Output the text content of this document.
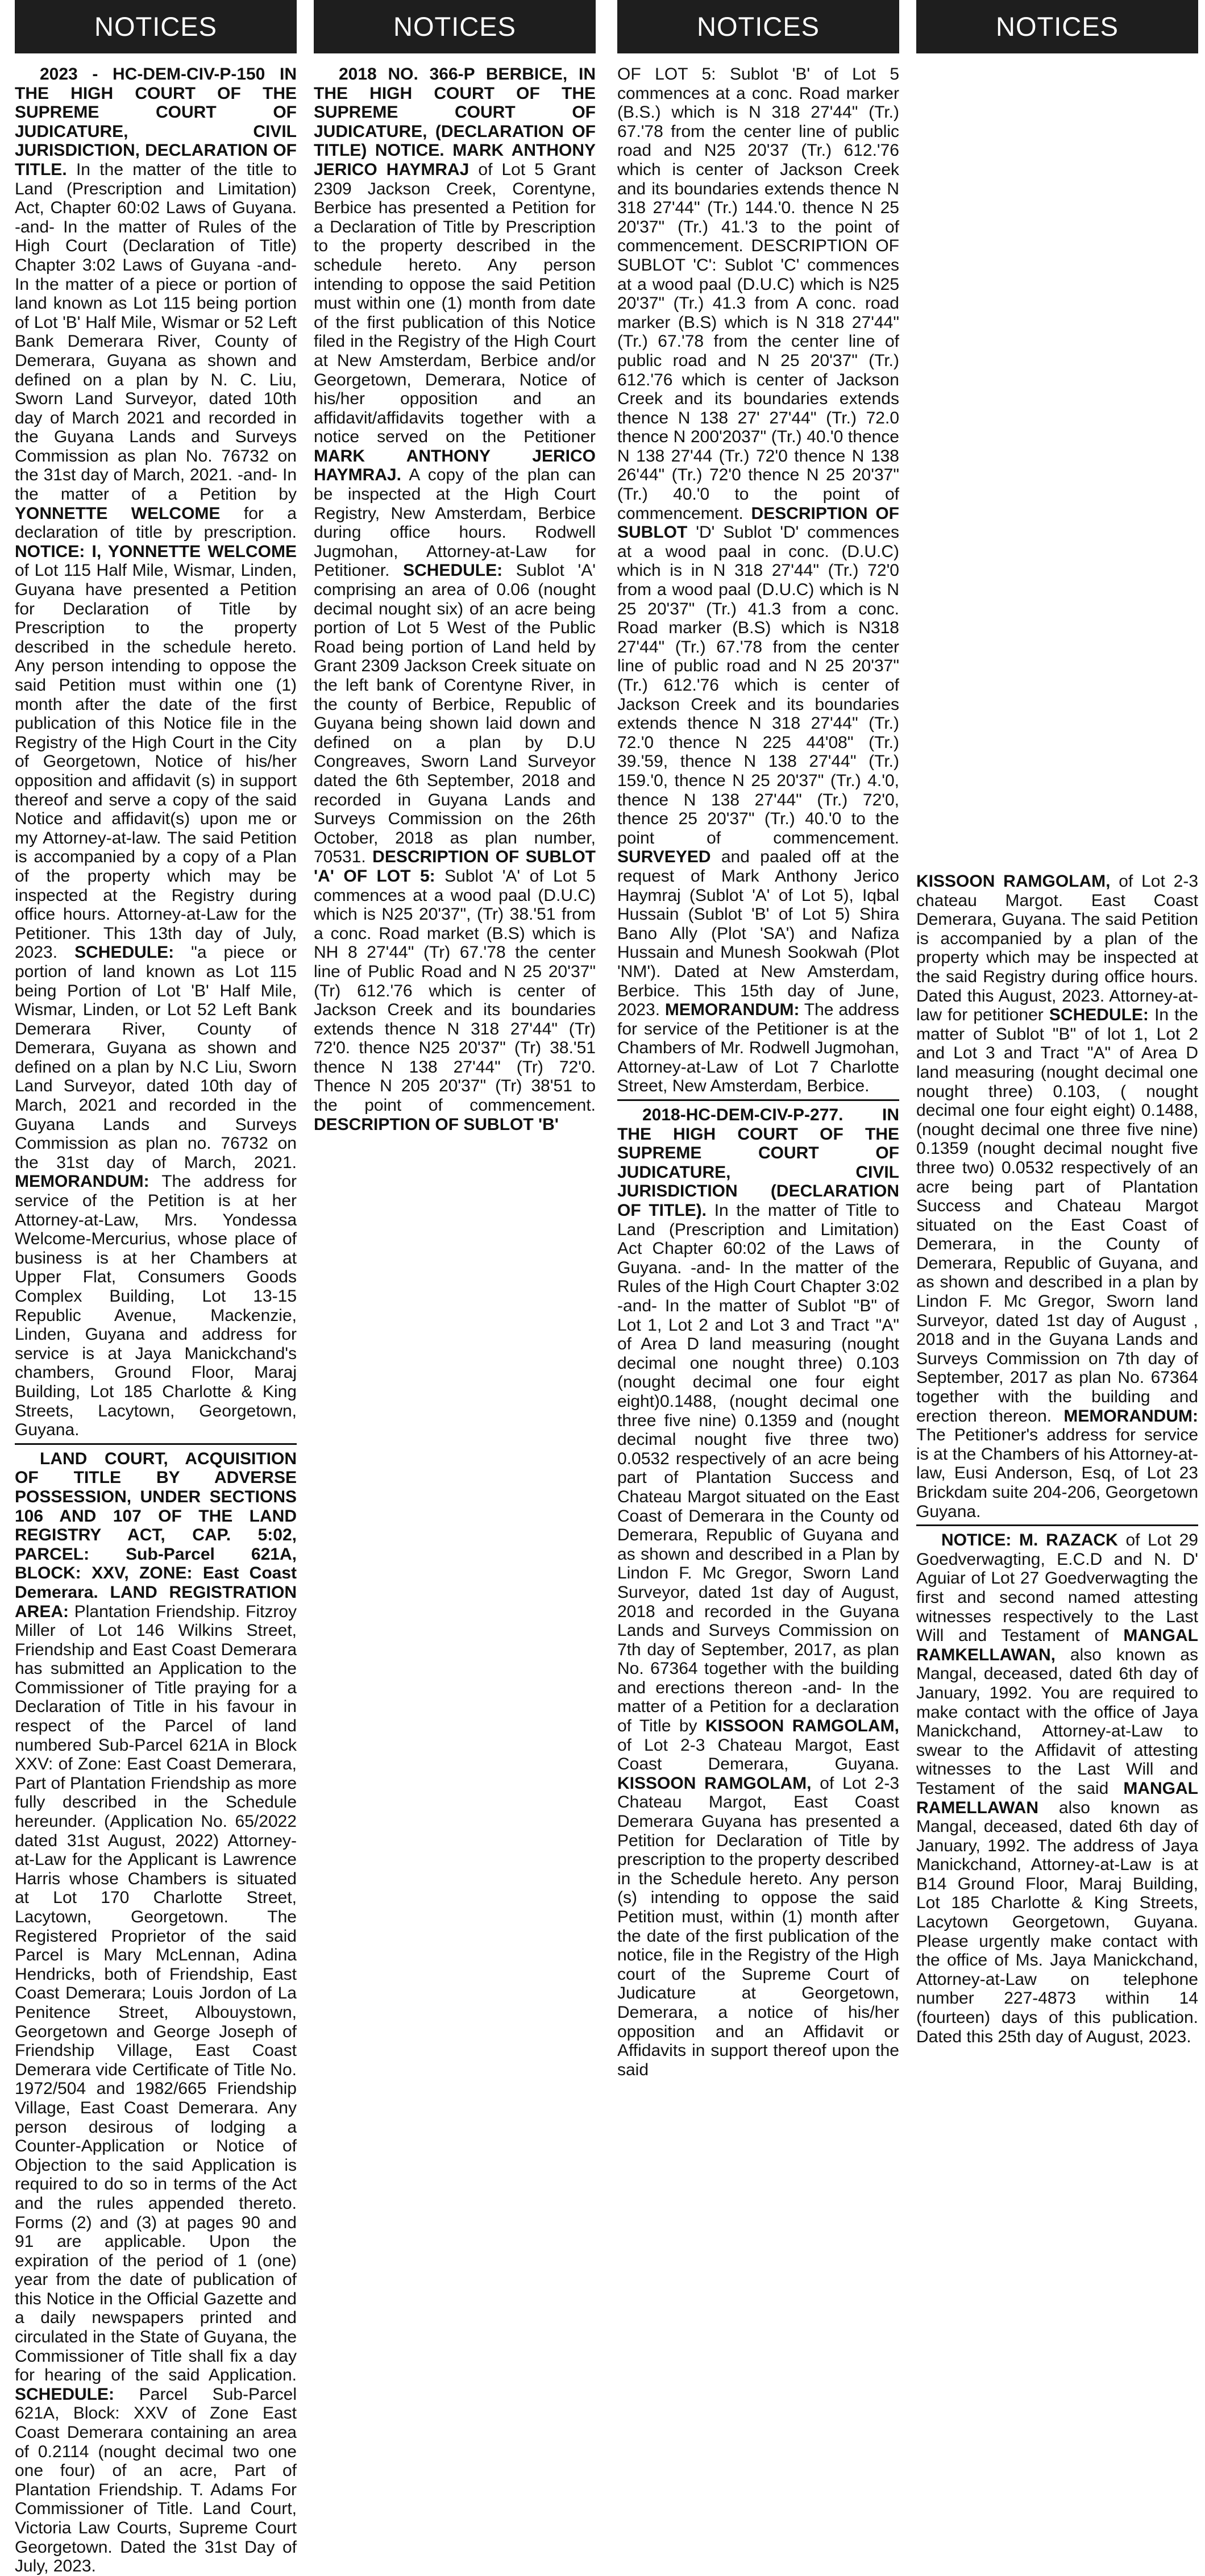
NOTICES

2023 - HC-DEM-CIV-P-150 IN THE HIGH COURT OF THE SUPREME COURT OF JUDICATURE, CIVIL JURISDICTION, DECLARATION OF TITLE. In the matter of the title to Land (Prescription and Limitation) Act, Chapter 60:02 Laws of Guyana. -and- In the matter of Rules of the High Court (Declaration of Title) Chapter 3:02 Laws of Guyana -and- In the matter of a piece or portion of land known as Lot 115 being portion of Lot 'B' Half Mile, Wismar or 52 Left Bank Demerara River, County of Demerara, Guyana as shown and defined on a plan by N. C. Liu, Sworn Land Surveyor, dated 10th day of March 2021 and recorded in the Guyana Lands and Surveys Commission as plan No. 76732 on the 31st day of March, 2021. -and- In the matter of a Petition by YONNETTE WELCOME for a declaration of title by prescription. NOTICE: I, YONNETTE WELCOME of Lot 115 Half Mile, Wismar, Linden, Guyana have presented a Petition for Declaration of Title by Prescription to the property described in the schedule hereto. Any person intending to oppose the said Petition must within one (1) month after the date of the first publication of this Notice file in the Registry of the High Court in the City of Georgetown, Notice of his/her opposition and affidavit (s) in support thereof and serve a copy of the said Notice and affidavit(s) upon me or my Attorney-at-law. The said Petition is accompanied by a copy of a Plan of the property which may be inspected at the Registry during office hours. Attorney-at-Law for the Petitioner. This 13th day of July, 2023. SCHEDULE: "a piece or portion of land known as Lot 115 being Portion of Lot 'B' Half Mile, Wismar, Linden, or Lot 52 Left Bank Demerara River, County of Demerara, Guyana as shown and defined on a plan by N.C Liu, Sworn Land Surveyor, dated 10th day of March, 2021 and recorded in the Guyana Lands and Surveys Commission as plan no. 76732 on the 31st day of March, 2021. MEMORANDUM: The address for service of the Petition is at her Attorney-at-Law, Mrs. Yondessa Welcome-Mercurius, whose place of business is at her Chambers at Upper Flat, Consumers Goods Complex Building, Lot 13-15 Republic Avenue, Mackenzie, Linden, Guyana and address for service is at Jaya Manickchand's chambers, Ground Floor, Maraj Building, Lot 185 Charlotte & King Streets, Lacytown, Georgetown, Guyana.

LAND COURT, ACQUISITION OF TITLE BY ADVERSE POSSESSION, UNDER SECTIONS 106 AND 107 OF THE LAND REGISTRY ACT, CAP. 5:02, PARCEL: Sub-Parcel 621A, BLOCK: XXV, ZONE: East Coast Demerara. LAND REGISTRATION AREA: Plantation Friendship. Fitzroy Miller of Lot 146 Wilkins Street, Friendship and East Coast Demerara has submitted an Application to the Commissioner of Title praying for a Declaration of Title in his favour in respect of the Parcel of land numbered Sub-Parcel 621A in Block XXV: of Zone: East Coast Demerara, Part of Plantation Friendship as more fully described in the Schedule hereunder. (Application No. 65/2022 dated 31st August, 2022) Attorney-at-Law for the Applicant is Lawrence Harris whose Chambers is situated at Lot 170 Charlotte Street, Lacytown, Georgetown. The Registered Proprietor of the said Parcel is Mary McLennan, Adina Hendricks, both of Friendship, East Coast Demerara; Louis Jordon of La Penitence Street, Albouystown, Georgetown and George Joseph of Friendship Village, East Coast Demerara vide Certificate of Title No. 1972/504 and 1982/665 Friendship Village, East Coast Demerara. Any person desirous of lodging a Counter-Application or Notice of Objection to the said Application is required to do so in terms of the Act and the rules appended thereto. Forms (2) and (3) at pages 90 and 91 are applicable. Upon the expiration of the period of 1 (one) year from the date of publication of this Notice in the Official Gazette and a daily newspapers printed and circulated in the State of Guyana, the Commissioner of Title shall fix a day for hearing of the said Application. SCHEDULE: Parcel Sub-Parcel 621A, Block: XXV of Zone East Coast Demerara containing an area of 0.2114 (nought decimal two one one four) of an acre, Part of Plantation Friendship. T. Adams For Commissioner of Title. Land Court, Victoria Law Courts, Supreme Court Georgetown. Dated the 31st Day of July, 2023.

NOTICES

2018 NO. 366-P BERBICE, IN THE HIGH COURT OF THE SUPREME COURT OF JUDICATURE, (DECLARATION OF TITLE) NOTICE. MARK ANTHONY JERICO HAYMRAJ of Lot 5 Grant 2309 Jackson Creek, Corentyne, Berbice has presented a Petition for a Declaration of Title by Prescription to the property described in the schedule hereto. Any person intending to oppose the said Petition must within one (1) month from date of the first publication of this Notice filed in the Registry of the High Court at New Amsterdam, Berbice and/or Georgetown, Demerara, Notice of his/her opposition and an affidavit/affidavits together with a notice served on the Petitioner MARK ANTHONY JERICO HAYMRAJ. A copy of the plan can be inspected at the High Court Registry, New Amsterdam, Berbice during office hours. Rodwell Jugmohan, Attorney-at-Law for Petitioner. SCHEDULE: Sublot 'A' comprising an area of 0.06 (nought decimal nought six) of an acre being portion of Lot 5 West of the Public Road being portion of Land held by Grant 2309 Jackson Creek situate on the left bank of Corentyne River, in the county of Berbice, Republic of Guyana being shown laid down and defined on a plan by D.U Congreaves, Sworn Land Surveyor dated the 6th September, 2018 and recorded in Guyana Lands and Surveys Commission on the 26th October, 2018 as plan number, 70531. DESCRIPTION OF SUBLOT 'A' OF LOT 5: Sublot 'A' of Lot 5 commences at a wood paal (D.U.C) which is N25 20'37", (Tr) 38.'51 from a conc. Road market (B.S) which is NH 8 27'44" (Tr) 67.'78 the center line of Public Road and N 25 20'37" (Tr) 612.'76 which is center of Jackson Creek and its boundaries extends thence N 318 27'44" (Tr) 72'0. thence N25 20'37" (Tr) 38.'51 thence N 138 27'44" (Tr) 72'0. Thence N 205 20'37" (Tr) 38'51 to the point of commencement. DESCRIPTION OF SUBLOT 'B'

NOTICES

OF LOT 5: Sublot 'B' of Lot 5 commences at a conc. Road marker (B.S.) which is N 318 27'44" (Tr.) 67.'78 from the center line of public road and N25 20'37 (Tr.) 612.'76 which is center of Jackson Creek and its boundaries extends thence N 318 27'44" (Tr.) 144.'0. thence N 25 20'37" (Tr.) 41.'3 to the point of commencement. DESCRIPTION OF SUBLOT 'C': Sublot 'C' commences at a wood paal (D.U.C) which is N25 20'37" (Tr.) 41.3 from A conc. road marker (B.S) which is N 318 27'44" (Tr.) 67.'78 from the center line of public road and N 25 20'37" (Tr.) 612.'76 which is center of Jackson Creek and its boundaries extends thence N 138 27' 27'44" (Tr.) 72.0 thence N 200'2037" (Tr.) 40.'0 thence N 138 27'44 (Tr.) 72'0 thence N 138 26'44" (Tr.) 72'0 thence N 25 20'37" (Tr.) 40.'0 to the point of commencement. DESCRIPTION OF SUBLOT 'D' Sublot 'D' commences at a wood paal in conc. (D.U.C) which is in N 318 27'44" (Tr.) 72'0 from a wood paal (D.U.C) which is N 25 20'37" (Tr.) 41.3 from a conc. Road marker (B.S) which is N318 27'44" (Tr.) 67.'78 from the center line of public road and N 25 20'37" (Tr.) 612.'76 which is center of Jackson Creek and its boundaries extends thence N 318 27'44" (Tr.) 72.'0 thence N 225 44'08" (Tr.) 39.'59, thence N 138 27'44" (Tr.) 159.'0, thence N 25 20'37" (Tr.) 4.'0, thence N 138 27'44" (Tr.) 72'0, thence 25 20'37" (Tr.) 40.'0 to the point of commencement. SURVEYED and paaled off at the request of Mark Anthony Jerico Haymraj (Sublot 'A' of Lot 5), Iqbal Hussain (Sublot 'B' of Lot 5) Shira Bano Ally (Plot 'SA') and Nafiza Hussain and Munesh Sookwah (Plot 'NM'). Dated at New Amsterdam, Berbice. This 15th day of June, 2023. MEMORANDUM: The address for service of the Petitioner is at the Chambers of Mr. Rodwell Jugmohan, Attorney-at-Law of Lot 7 Charlotte Street, New Amsterdam, Berbice.

2018-HC-DEM-CIV-P-277. IN THE HIGH COURT OF THE SUPREME COURT OF JUDICATURE, CIVIL JURISDICTION (DECLARATION OF TITLE). In the matter of Title to Land (Prescription and Limitation) Act Chapter 60:02 of the Laws of Guyana. -and- In the matter of the Rules of the High Court Chapter 3:02 -and- In the matter of Sublot "B" of Lot 1, Lot 2 and Lot 3 and Tract "A" of Area D land measuring (nought decimal one nought three) 0.103 (nought decimal one four eight eight)0.1488, (nought decimal one three five nine) 0.1359 and (nought decimal nought five three two) 0.0532 respectively of an acre being part of Plantation Success and Chateau Margot situated on the East Coast of Demerara in the County od Demerara, Republic of Guyana and as shown and described in a Plan by Lindon F. Mc Gregor, Sworn Land Surveyor, dated 1st day of August, 2018 and recorded in the Guyana Lands and Surveys Commission on 7th day of September, 2017, as plan No. 67364 together with the building and erections thereon -and- In the matter of a Petition for a declaration of Title by KISSOON RAMGOLAM, of Lot 2-3 Chateau Margot, East Coast Demerara, Guyana. KISSOON RAMGOLAM, of Lot 2-3 Chateau Margot, East Coast Demerara Guyana has presented a Petition for Declaration of Title by prescription to the property described in the Schedule hereto. Any person (s) intending to oppose the said Petition must, within (1) month after the date of the first publication of the notice, file in the Registry of the High court of the Supreme Court of Judicature at Georgetown, Demerara, a notice of his/her opposition and an Affidavit or Affidavits in support thereof upon the said

NOTICES

KISSOON RAMGOLAM, of Lot 2-3 chateau Margot. East Coast Demerara, Guyana. The said Petition is accompanied by a plan of the property which may be inspected at the said Registry during office hours. Dated this August, 2023. Attorney-at-law for petitioner SCHEDULE: In the matter of Sublot "B" of lot 1, Lot 2 and Lot 3 and Tract "A" of Area D land measuring (nought decimal one nought three) 0.103, ( nought decimal one four eight eight) 0.1488, (nought decimal one three five nine) 0.1359 (nought decimal nought five three two) 0.0532 respectively of an acre being part of Plantation Success and Chateau Margot situated on the East Coast of Demerara, in the County of Demerara, Republic of Guyana, and as shown and described in a plan by Lindon F. Mc Gregor, Sworn land Surveyor, dated 1st day of August , 2018 and in the Guyana Lands and Surveys Commission on 7th day of September, 2017 as plan No. 67364 together with the building and erection thereon. MEMORANDUM: The Petitioner's address for service is at the Chambers of his Attorney-at-law, Eusi Anderson, Esq, of Lot 23 Brickdam suite 204-206, Georgetown Guyana.

NOTICE: M. RAZACK of Lot 29 Goedverwagting, E.C.D and N. D' Aguiar of Lot 27 Goedverwagting the first and second named attesting witnesses respectively to the Last Will and Testament of MANGAL RAMKELLAWAN, also known as Mangal, deceased, dated 6th day of January, 1992. You are required to make contact with the office of Jaya Manickchand, Attorney-at-Law to swear to the Affidavit of attesting witnesses to the Last Will and Testament of the said MANGAL RAMELLAWAN also known as Mangal, deceased, dated 6th day of January, 1992. The address of Jaya Manickchand, Attorney-at-Law is at B14 Ground Floor, Maraj Building, Lot 185 Charlotte & King Streets, Lacytown Georgetown, Guyana. Please urgently make contact with the office of Ms. Jaya Manickchand, Attorney-at-Law on telephone number 227-4873 within 14 (fourteen) days of this publication. Dated this 25th day of August, 2023.
